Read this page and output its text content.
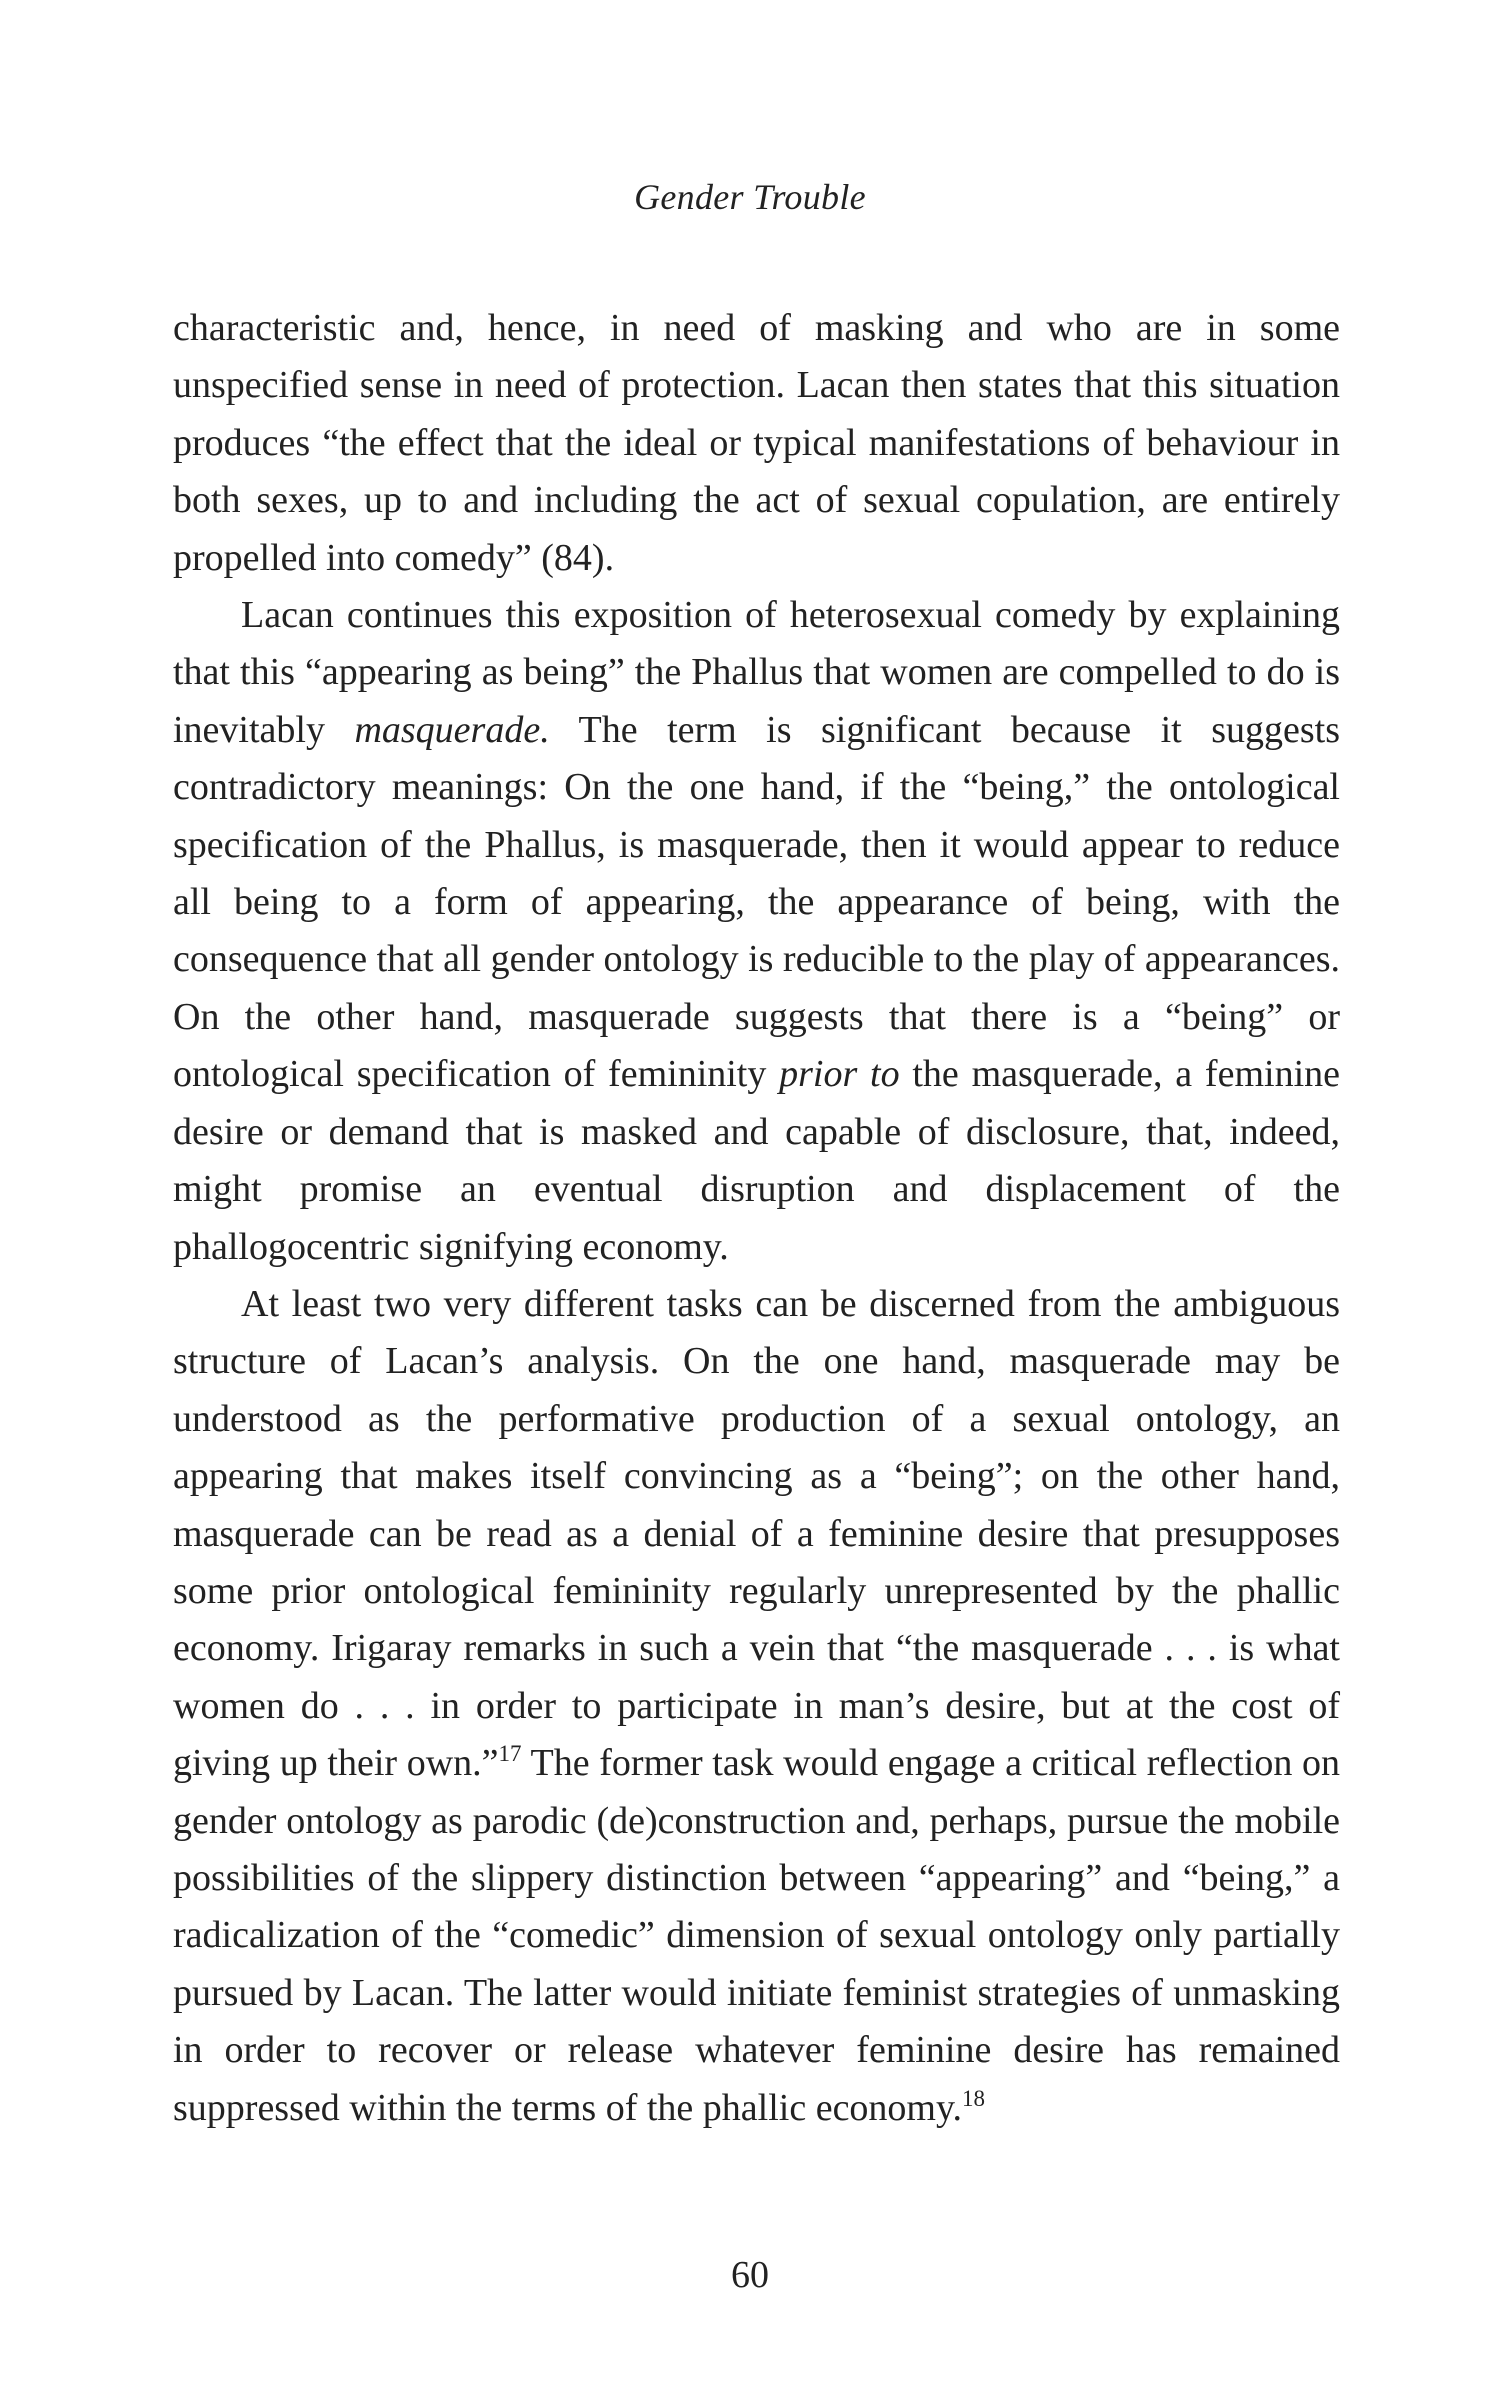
Gender Trouble

characteristic and, hence, in need of masking and who are in some unspecified sense in need of protection. Lacan then states that this situation produces “the effect that the ideal or typical manifestations of behaviour in both sexes, up to and including the act of sexual copulation, are entirely propelled into comedy” (84).

Lacan continues this exposition of heterosexual comedy by explaining that this “appearing as being” the Phallus that women are compelled to do is inevitably masquerade. The term is significant because it suggests contradictory meanings: On the one hand, if the “being,” the ontological specification of the Phallus, is masquerade, then it would appear to reduce all being to a form of appearing, the appearance of being, with the consequence that all gender ontology is reducible to the play of appearances. On the other hand, masquerade suggests that there is a “being” or ontological specification of femininity prior to the masquerade, a feminine desire or demand that is masked and capable of disclosure, that, indeed, might promise an eventual disruption and displacement of the phallogocentric signifying economy.

At least two very different tasks can be discerned from the ambiguous structure of Lacan’s analysis. On the one hand, masquerade may be understood as the performative production of a sexual ontology, an appearing that makes itself convincing as a “being”; on the other hand, masquerade can be read as a denial of a feminine desire that presupposes some prior ontological femininity regularly unrepresented by the phallic economy. Irigaray remarks in such a vein that “the masquerade . . . is what women do . . . in order to participate in man’s desire, but at the cost of giving up their own.”$^{17}$ The former task would engage a critical reflection on gender ontology as parodic (de)construction and, perhaps, pursue the mobile possibilities of the slippery distinction between “appearing” and “being,” a radicalization of the “comedic” dimension of sexual ontology only partially pursued by Lacan. The latter would initiate feminist strategies of unmasking in order to recover or release whatever feminine desire has remained suppressed within the terms of the phallic economy.$^{18}$

60
